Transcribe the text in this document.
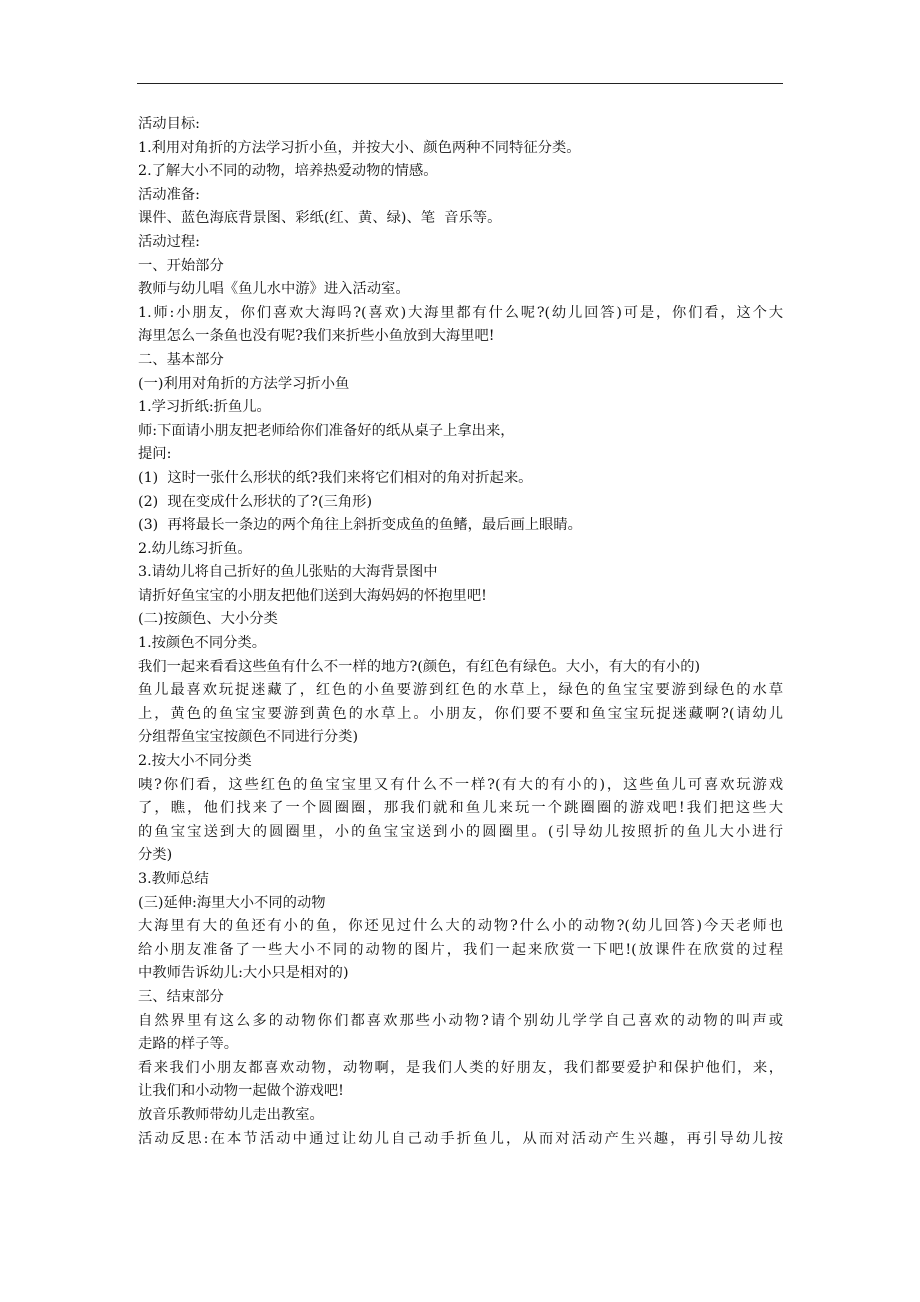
活动目标:
1.利用对角折的方法学习折小鱼，并按大小、颜色两种不同特征分类。
2.了解大小不同的动物，培养热爱动物的情感。
活动准备:
课件、蓝色海底背景图、彩纸(红、黄、绿)、笔  音乐等。
活动过程:
一、开始部分
教师与幼儿唱《鱼儿水中游》进入活动室。
1.师:小朋友，你们喜欢大海吗?(喜欢)大海里都有什么呢?(幼儿回答)可是，你们看，这个大
海里怎么一条鱼也没有呢?我们来折些小鱼放到大海里吧!
二、基本部分
(一)利用对角折的方法学习折小鱼
1.学习折纸:折鱼儿。
师:下面请小朋友把老师给你们准备好的纸从桌子上拿出来，
提问:
(1)  这时一张什么形状的纸?我们来将它们相对的角对折起来。
(2)  现在变成什么形状的了?(三角形)
(3)  再将最长一条边的两个角往上斜折变成鱼的鱼鳍，最后画上眼睛。
2.幼儿练习折鱼。
3.请幼儿将自己折好的鱼儿张贴的大海背景图中
请折好鱼宝宝的小朋友把他们送到大海妈妈的怀抱里吧!
(二)按颜色、大小分类
1.按颜色不同分类。
我们一起来看看这些鱼有什么不一样的地方?(颜色，有红色有绿色。大小，有大的有小的)
鱼儿最喜欢玩捉迷藏了，红色的小鱼要游到红色的水草上，绿色的鱼宝宝要游到绿色的水草
上，黄色的鱼宝宝要游到黄色的水草上。小朋友，你们要不要和鱼宝宝玩捉迷藏啊?(请幼儿
分组帮鱼宝宝按颜色不同进行分类)
2.按大小不同分类
咦?你们看，这些红色的鱼宝宝里又有什么不一样?(有大的有小的)，这些鱼儿可喜欢玩游戏
了，瞧，他们找来了一个圆圈圈，那我们就和鱼儿来玩一个跳圈圈的游戏吧!我们把这些大
的鱼宝宝送到大的圆圈里，小的鱼宝宝送到小的圆圈里。(引导幼儿按照折的鱼儿大小进行
分类)
3.教师总结
(三)延伸:海里大小不同的动物
大海里有大的鱼还有小的鱼，你还见过什么大的动物?什么小的动物?(幼儿回答)今天老师也
给小朋友准备了一些大小不同的动物的图片，我们一起来欣赏一下吧!(放课件在欣赏的过程
中教师告诉幼儿:大小只是相对的)
三、结束部分
自然界里有这么多的动物你们都喜欢那些小动物?请个别幼儿学学自己喜欢的动物的叫声或
走路的样子等。
看来我们小朋友都喜欢动物，动物啊，是我们人类的好朋友，我们都要爱护和保护他们，来，
让我们和小动物一起做个游戏吧!
放音乐教师带幼儿走出教室。
活动反思:在本节活动中通过让幼儿自己动手折鱼儿，从而对活动产生兴趣，再引导幼儿按
